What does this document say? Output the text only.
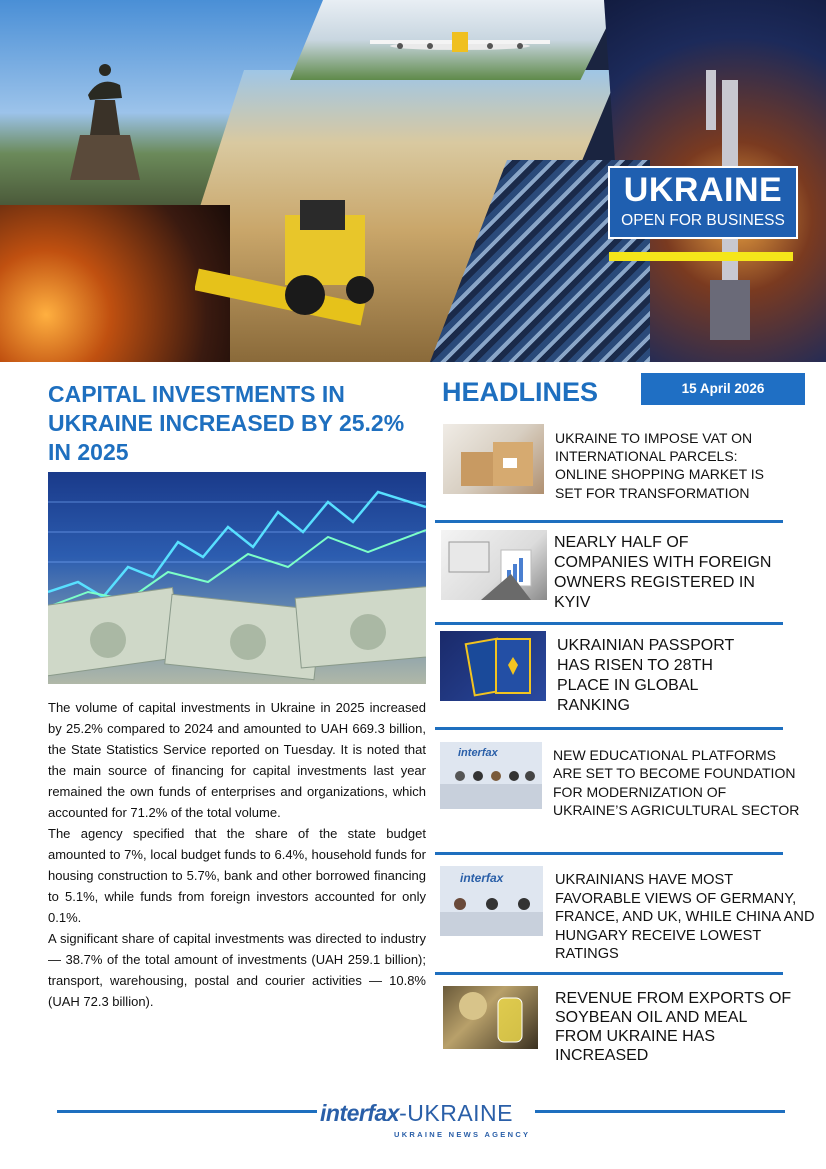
UKRAINE
OPEN FOR BUSINESS
CAPITAL INVESTMENTS IN UKRAINE INCREASED BY 25.2% IN 2025

The volume of capital investments in Ukraine in 2025 increased by 25.2% compared to 2024 and amounted to UAH 669.3 billion, the State Statistics Service reported on Tuesday. It is noted that the main source of financing for capital investments last year remained the own funds of enterprises and organizations, which accounted for 71.2% of the total volume.

The agency specified that the share of the state budget amounted to 7%, local budget funds to 6.4%, household funds for housing construction to 5.7%, bank and other borrowed financing to 5.1%, while funds from foreign investors accounted for only 0.1%.

A significant share of capital investments was directed to industry — 38.7% of the total amount of investments (UAH 259.1 billion); transport, warehousing, postal and courier activities — 10.8% (UAH 72.3 billion).

HEADLINES	15 April 2026
UKRAINE TO IMPOSE VAT ON INTERNATIONAL PARCELS: ONLINE SHOPPING MARKET IS SET FOR TRANSFORMATION
NEARLY HALF OF COMPANIES WITH FOREIGN OWNERS REGISTERED IN KYIV
UKRAINIAN PASSPORT HAS RISEN TO 28TH PLACE IN GLOBAL RANKING
interfax	NEW EDUCATIONAL PLATFORMS ARE SET TO BECOME FOUNDATION FOR MODERNIZATION OF UKRAINE’S AGRICULTURAL SECTOR
interfax	UKRAINIANS HAVE MOST FAVORABLE VIEWS OF GERMANY, FRANCE, AND UK, WHILE CHINA AND HUNGARY RECEIVE LOWEST RATINGS
REVENUE FROM EXPORTS OF SOYBEAN OIL AND MEAL FROM UKRAINE HAS INCREASED
interfax-UKRAINE
UKRAINE NEWS AGENCY
